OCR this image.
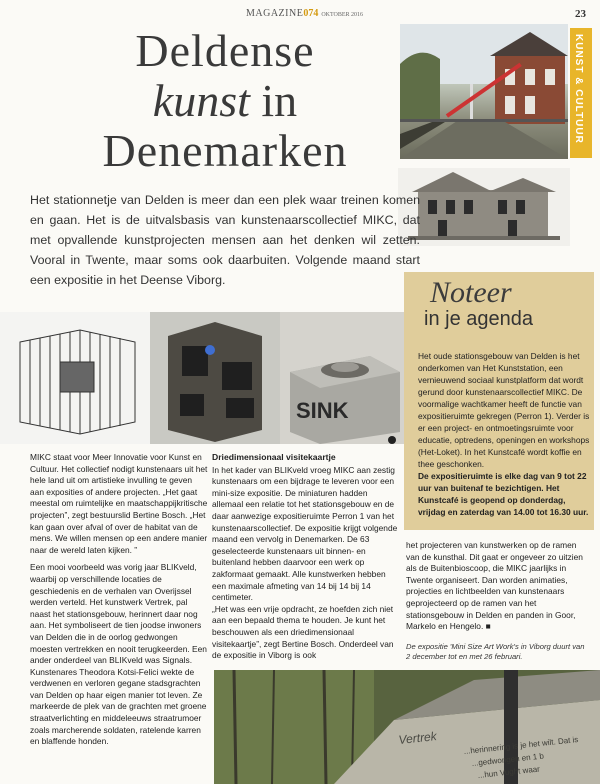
MAGAZINE074 OKTOBER 2016	23
Deldense
kunst in
Denemarken
KUNST & CULTUUR
Het stationnetje van Delden is meer dan een plek waar treinen komen en gaan. Het is de uitvalsbasis van kunstenaarscollectief MIKC, dat met opvallende kunstprojecten mensen aan het denken wil zetten. Vooral in Twente, maar soms ook daarbuiten. Volgende maand start een expositie in het Deense Viborg.
SINK
Noteer
in je agenda

Het oude stationsgebouw van Delden is het onderkomen van Het Kunststation, een vernieuwend sociaal kunstplatform dat wordt gerund door kunstenaarscollectief MIKC. De voormalige wachtkamer heeft de functie van expositieruimte gekregen (Perron 1). Verder is er een project- en ontmoetingsruimte voor educatie, optredens, openingen en workshops (Het-Loket). In het Kunstcafé wordt koffie en thee geschonken.

De expositieruimte is elke dag van 9 tot 22 uur van buitenaf te bezichtigen. Het Kunstcafé is geopend op donderdag, vrijdag en zaterdag van 14.00 tot 16.30 uur.

MIKC staat voor Meer Innovatie voor Kunst en Cultuur. Het collectief nodigt kunstenaars uit het hele land uit om artistieke invulling te geven aan exposities of andere projecten. „Het gaat meestal om ruimtelijke en maatschappijkritische projecten”, zegt bestuurslid Bertine Bosch. „Het kan gaan over afval of over de habitat van de mens. We willen mensen op een andere manier naar de wereld laten kijken. ”

Een mooi voorbeeld was vorig jaar BLIKveld, waarbij op verschillende locaties de geschiedenis en de verhalen van Overijssel werden verteld. Het kunstwerk Vertrek, pal naast het stationsgebouw, herinnert daar nog aan. Het symboliseert de tien joodse inwoners van Delden die in de oorlog gedwongen moesten vertrekken en nooit terugkeerden. Een ander onderdeel van BLIKveld was Signals. Kunstenares Theodora Kotsi-Felici wekte de verdwenen en verloren gegane stadsgrachten van Delden op haar eigen manier tot leven. Ze markeerde de plek van de grachten met groene straatverlichting en middeleeuws straatrumoer zoals marcherende soldaten, ratelende karren en blaffende honden.

Driedimensionaal visitekaartje

In het kader van BLIKveld vroeg MIKC aan zestig kunstenaars om een bijdrage te leveren voor een mini-size expositie. De miniaturen hadden allemaal een relatie tot het stationsgebouw en de daar aanwezige expositieruimte Perron 1 van het kunstenaarscollectief. De expositie krijgt volgende maand een vervolg in Denemarken. De 63 geselecteerde kunstenaars uit binnen- en buitenland hebben daarvoor een werk op zakformaat gemaakt. Alle kunstwerken hebben een maximale afmeting van 14 bij 14 bij 14 centimeter.

„Het was een vrije opdracht, ze hoefden zich niet aan een bepaald thema te houden. Je kunt het beschouwen als een driedimensionaal visitekaartje”, zegt Bertine Bosch. Onderdeel van de expositie in Viborg is ook

het projecteren van kunstwerken op de ramen van de kunsthal. Dit gaat er ongeveer zo uitzien als de Buitenbioscoop, die MIKC jaarlijks in Twente organiseert. Dan worden animaties, projecties en lichtbeelden van kunstenaars geprojecteerd op de ramen van het stationsgebouw in Delden en panden in Goor, Markelo en Hengelo. ■

De expositie 'Mini Size Art Work's in Viborg duurt van 2 december tot en met 26 februari.
Vertrek	...herinnering is je het wilt. Dat is
...gedwongen en 1 b
...hun Vught waar
